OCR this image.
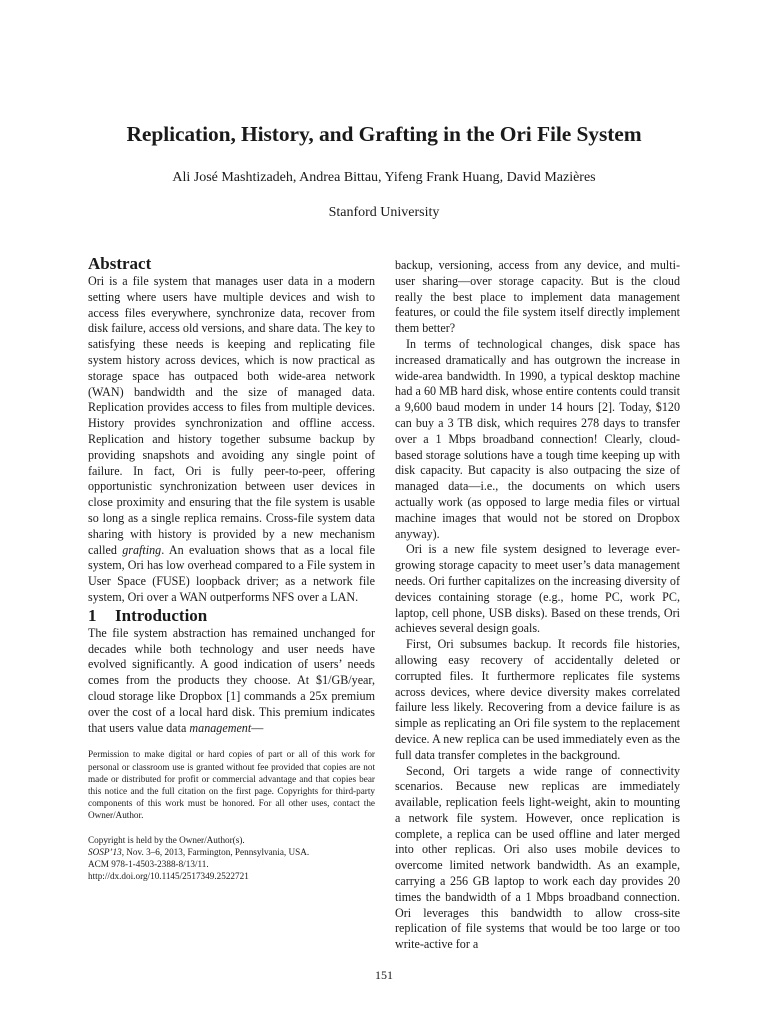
Replication, History, and Grafting in the Ori File System
Ali José Mashtizadeh, Andrea Bittau, Yifeng Frank Huang, David Mazières
Stanford University
Abstract

Ori is a file system that manages user data in a modern setting where users have multiple devices and wish to access files everywhere, synchronize data, recover from disk failure, access old versions, and share data. The key to satisfying these needs is keeping and replicating file system history across devices, which is now practical as storage space has outpaced both wide-area network (WAN) bandwidth and the size of managed data. Replication provides access to files from multiple devices. History provides synchronization and offline access. Replication and history together subsume backup by providing snapshots and avoiding any single point of failure. In fact, Ori is fully peer-to-peer, offering opportunistic synchronization between user devices in close proximity and ensuring that the file system is usable so long as a single replica remains. Cross-file system data sharing with history is provided by a new mechanism called grafting. An evaluation shows that as a local file system, Ori has low overhead compared to a File system in User Space (FUSE) loopback driver; as a network file system, Ori over a WAN outperforms NFS over a LAN.

1 Introduction

The file system abstraction has remained unchanged for decades while both technology and user needs have evolved significantly. A good indication of users’ needs comes from the products they choose. At $1/GB/year, cloud storage like Dropbox [1] commands a 25x premium over the cost of a local hard disk. This premium indicates that users value data management—

Permission to make digital or hard copies of part or all of this work for personal or classroom use is granted without fee provided that copies are not made or distributed for profit or commercial advantage and that copies bear this notice and the full citation on the first page. Copyrights for third-party components of this work must be honored. For all other uses, contact the Owner/Author.

Copyright is held by the Owner/Author(s).
SOSP’13, Nov. 3–6, 2013, Farmington, Pennsylvania, USA.
ACM 978-1-4503-2388-8/13/11.
http://dx.doi.org/10.1145/2517349.2522721

backup, versioning, access from any device, and multi-user sharing—over storage capacity. But is the cloud really the best place to implement data management features, or could the file system itself directly implement them better?

In terms of technological changes, disk space has increased dramatically and has outgrown the increase in wide-area bandwidth. In 1990, a typical desktop machine had a 60 MB hard disk, whose entire contents could transit a 9,600 baud modem in under 14 hours [2]. Today, $120 can buy a 3 TB disk, which requires 278 days to transfer over a 1 Mbps broadband connection! Clearly, cloud-based storage solutions have a tough time keeping up with disk capacity. But capacity is also outpacing the size of managed data—i.e., the documents on which users actually work (as opposed to large media files or virtual machine images that would not be stored on Dropbox anyway).

Ori is a new file system designed to leverage ever-growing storage capacity to meet user’s data management needs. Ori further capitalizes on the increasing diversity of devices containing storage (e.g., home PC, work PC, laptop, cell phone, USB disks). Based on these trends, Ori achieves several design goals.

First, Ori subsumes backup. It records file histories, allowing easy recovery of accidentally deleted or corrupted files. It furthermore replicates file systems across devices, where device diversity makes correlated failure less likely. Recovering from a device failure is as simple as replicating an Ori file system to the replacement device. A new replica can be used immediately even as the full data transfer completes in the background.

Second, Ori targets a wide range of connectivity scenarios. Because new replicas are immediately available, replication feels light-weight, akin to mounting a network file system. However, once replication is complete, a replica can be used offline and later merged into other replicas. Ori also uses mobile devices to overcome limited network bandwidth. As an example, carrying a 256 GB laptop to work each day provides 20 times the bandwidth of a 1 Mbps broadband connection. Ori leverages this bandwidth to allow cross-site replication of file systems that would be too large or too write-active for a

151
